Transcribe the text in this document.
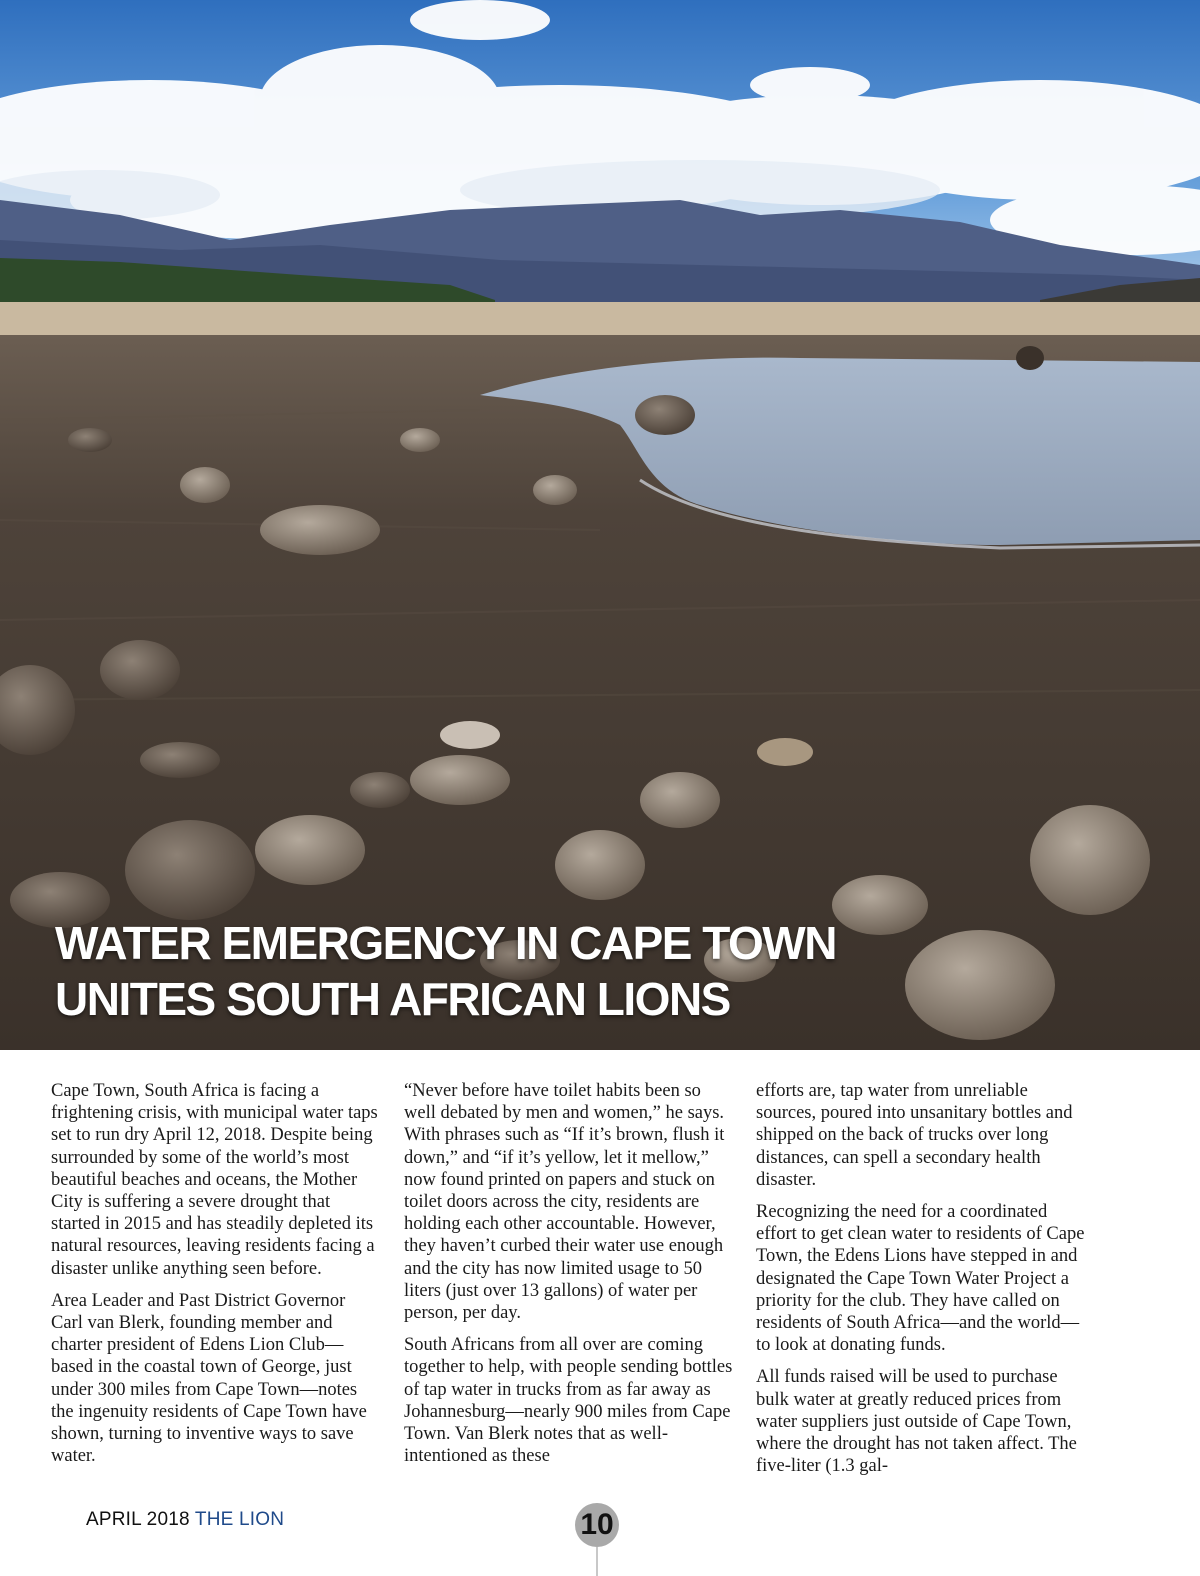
WATER EMERGENCY IN CAPE TOWN
UNITES SOUTH AFRICAN LIONS

Cape Town, South Africa is facing a frightening crisis, with municipal water taps set to run dry April 12, 2018. Despite being surrounded by some of the world’s most beautiful beaches and oceans, the Mother City is suffering a severe drought that started in 2015 and has steadily depleted its natural resources, leaving residents facing a disaster unlike anything seen before.

Area Leader and Past District Governor Carl van Blerk, founding member and charter president of Edens Lion Club—based in the coastal town of George, just under 300 miles from Cape Town—notes the ingenuity residents of Cape Town have shown, turning to inventive ways to save water.

“Never before have toilet habits been so well debated by men and women,” he says. With phrases such as “If it’s brown, flush it down,” and “if it’s yellow, let it mellow,” now found printed on papers and stuck on toilet doors across the city, residents are holding each other accountable. However, they haven’t curbed their water use enough and the city has now limited usage to 50 liters (just over 13 gallons) of water per person, per day.

South Africans from all over are coming together to help, with people sending bottles of tap water in trucks from as far away as Johannesburg—nearly 900 miles from Cape Town. Van Blerk notes that as well-intentioned as these

efforts are, tap water from unreliable sources, poured into unsanitary bottles and shipped on the back of trucks over long distances, can spell a secondary health disaster.

Recognizing the need for a coordinated effort to get clean water to residents of Cape Town, the Edens Lions have stepped in and designated the Cape Town Water Project a priority for the club. They have called on residents of South Africa—and the world—to look at donating funds.

All funds raised will be used to purchase bulk water at greatly reduced prices from water suppliers just outside of Cape Town, where the drought has not taken affect. The five-liter (1.3 gal-

APRIL 2018 THE LION	10
